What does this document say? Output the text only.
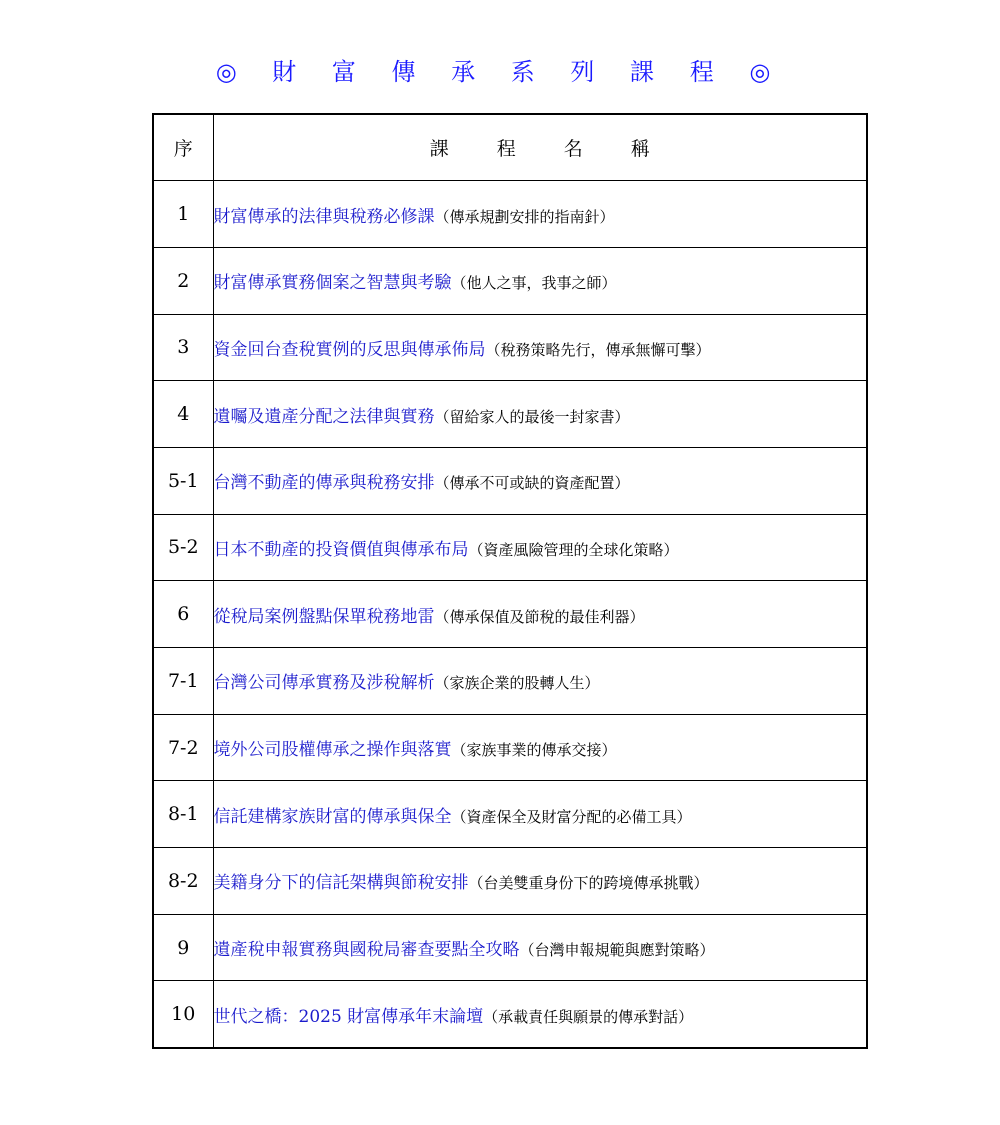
◎ 財 富 傳 承 系 列 課 程 ◎
序	課程名稱
1	財富傳承的法律與稅務必修課（傳承規劃安排的指南針）
2	財富傳承實務個案之智慧與考驗（他人之事，我事之師）
3	資金回台查稅實例的反思與傳承佈局（稅務策略先行，傳承無懈可擊）
4	遺囑及遺產分配之法律與實務（留給家人的最後一封家書）
5-1	台灣不動產的傳承與稅務安排（傳承不可或缺的資產配置）
5-2	日本不動產的投資價值與傳承布局（資產風險管理的全球化策略）
6	從稅局案例盤點保單稅務地雷（傳承保值及節稅的最佳利器）
7-1	台灣公司傳承實務及涉稅解析（家族企業的股轉人生）
7-2	境外公司股權傳承之操作與落實（家族事業的傳承交接）
8-1	信託建構家族財富的傳承與保全（資產保全及財富分配的必備工具）
8-2	美籍身分下的信託架構與節稅安排（台美雙重身份下的跨境傳承挑戰）
9	遺產稅申報實務與國稅局審查要點全攻略（台灣申報規範與應對策略）
10	世代之橋：2025 財富傳承年末論壇（承載責任與願景的傳承對話）
